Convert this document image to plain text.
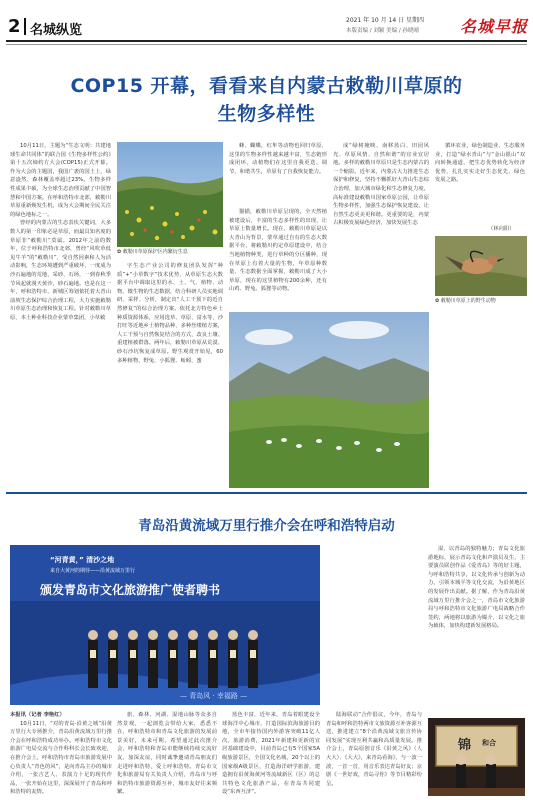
2 名城纵览
2021 年 10 月 14 日 星期四
本版责编 / 刘颖 美编 / 孙晓晴	名城早报
COP15 开幕，看看来自内蒙古敕勒川草原的
生物多样性

10月11日，主题为“生态文明：共建地球生命共同体”的联合国《生物多样性公约》第十五次缔约方大会(COP15)正式开幕。作为大会的主题国，我国广袤的国土上，绿意盎然、森林覆盖率超过23%。生物多样性成果丰硕，为全球生态治理贡献了中国智慧和中国方案。在呼和浩特市北部，敕勒川草原重新焕发生机，成为大会期间全民关注的绿色地标之一。

曾经的内蒙古的生态表状关键词，大多数人的第一印象必是草原，而最具知名度的草原非“敕勒川”莫属。2012年之前的数年，位于呼和浩特市北郊，曾经“风吹草低见牛羊”的“敕勒川”，受自然因素和人为活动影响，生态环境遭到严重破坏，一度成为沙石遍地的荒地、采砂、石场，一到春秋季节风起就漫天黄沙，砂石遍地。也是在这一年，呼和浩特市、新城区筹划依托着大青山前坡生态保护综合治理工程，大力实施敕勒川草原生态治理和恢复工程。针对敕勒川草原，本土种业科技企业蒙草集团，小草敕

✿ 敕勒川草原保护区内繁衍生息

字生态产业公司的修复团队发挥“种质”+“小草数字”技术优势，从草原生态大数据平台中调取这里的水、土、气、植物、动物、微生物的生态数据，结合科研人员实地调研、采样、分析，制定出“人工干预下的近自然修复”的综合治理方案。依托北方特色乡土种质资源体系，应用选草、草原、富水等，沙打旺等近地乡土植物品种，多种丝缕植方案，人工干预与自然恢复结合的方式，改良土壤、重建植被群落。两年后，敕勒川草原从荒漠、砂石沙坑恢复成草原。野生观赏开始见，60多种植物，野兔、小狐狸、蚯蚓、蜜

蜂、蝴蝶，红隼等动物也回归草原，这里的生物多样性越来越丰富，生态链形成闭环，动植物们在这里自我更迭、调节，和谐共生，草原有了自我恢复能力。

猫描，敕勒川草原呈现的，全天然植被建设后，丰富的生态多样性的出现，让草原上数量增长。现在，敕勒川草原是以大青山为背景，蒙草通过自有的生态大数据平台，将敕勒川约定草原建设中，结合当地植物种类，进行草种的分区播种，现在草原上有着大量的生物，年草原种数量、生态数据全面掌握，敕勒川成了大小草原，现在的这里植物有200余种，还有山鸡、野兔、狐狸等动物。

成“绿树掩映、南移蓝白、田园风光、草原风情、自然和谐”的宜业宜居地。多样的敕勒川草原只是生态内蒙古的一个缩影。近年来，内蒙古大力推进生态保护和修复，坚持不懈抓好大青山生态综合治理，加大城市绿化和生态修复力度，高标准建设敕勒川国家草原公园，让草原生物多样性，加强生态保护恢复建设，让自然生态更美更和谐。更重要的是，内蒙古积极发展绿色经济，加快发展生态

循环农业，绿色制造业、生态服务业，打造“绿水青山”与“金山银山”双向转换通道，把生态优势转化为经济优势，扎扎实实走好生态优先、绿色发展之路。

（林向阳）
✿ 敕勒川草原上的野生动物
青岛沿黄流域万里行推介会在呼和浩特启动
“河青黄，” 清沙之地
来自大黄河的期待——沿黄流域万里行
颁发青岛市文化旅游推广使者聘书
— 青岛风 · 幸福路 —

本报讯（记者 李艳红）

10月11日，“对的青岛·沿黄之城”沿黄万里行大专场推介，青岛沿黄流域万里行推介会在呼和浩特成功举办。呼和浩特市文化旅游广电局交流与合作科科长会长致欢迎，在推介会上，呼和浩特市青岛市旅游发展中心负责人“青色的风”，是向青岛主办的城市介绍，一张吉艺人、表演力十足的现代作品，一张开始在这里，深深展开了青岛和呼和浩特的友情。

旅、森林、河湖、湿地山脉等众多自然景观，一起浏览会带给大家，悉悉不在，呼和浩特市和青岛文化旅游的发展前景美好，未来可期，希望通过此次推介会，呼和浩特和青岛市能继续持续交流好友，加深友谊，同时诚挚邀请青岛朋友们走进呼和浩特，爱上呼和浩特。青岛市文化和旅游局有关负责人介绍，青岛市与呼和浩特市旅游资源互补，城市友好往来频繁。

蓝色丰富，近年来，青岛着眼建设全球海洋中心城市，打造国际滨海旅游目的地，全市年接待国内外游客突破11亿人次，旅游消费，2021年新建和更新的宜居基础建设中，目前青岛已有5个国家5A级旅游景区，全国文化名城，20个以上的国家级A级景区，打造海洋研学旅游，建造拥有沿黄海黄河等流域新区（区）的总共特色文化旅游产品，在青岛共同建设“东西互济”。

陆海联动”合作倡议，今年，青岛与青岛和呼和浩特两市文旅资源互补客源互送，推进建立“8个沿黄流域文旅宣传协同发展”实现互利共赢和高质量发展。推介会上，青岛原创音乐《沿黄之风》（人大大）、《大大》，来青岛看海》，与一波一波，一首一首，用音乐表达青岛好友；京剧《一世好戏，青岛寻你》等节目精彩纷呈。

湿、以青岛的独特魅力；青岛文化旅游地标，展示青岛文化和声演员及生，主要演员联创作品《爱青岛》等的好主题，与呼和浩特共享，以文化传承与创新为动力，引领本城平等文化交流，为沿黄地区的发展作出贡献。据了解，作为青岛沿黄流域万里行推介会之一，青岛市文化旅游局与呼和浩特市文化旅游广电局战略合作签约，两地将以旅游为媒介，以文化之旅为载体，加快构建新发展格局。

锦 和合
